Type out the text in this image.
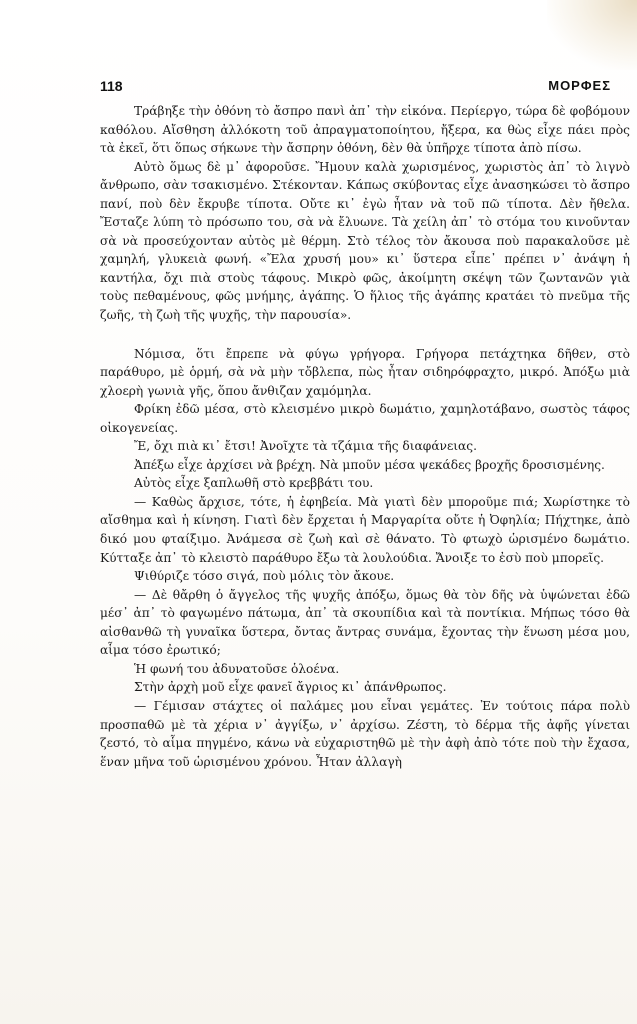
118	ΜΟΡΦΕΣ

Τράβηξε τὴν ὀθόνη τὸ ἄσπρο πανὶ ἀπ᾽ τὴν εἰκόνα. Περίεργο, τώρα δὲ φοβόμουν καθόλου. Αἴσθηση ἀλλόκοτη τοῦ ἀπραγματοποίητου, ἤξερα, κα θὼς εἶχε πάει πρὸς τὰ ἐκεῖ, ὅτι ὅπως σήκωνε τὴν ἄσπρην ὀθόνη, δὲν θὰ ὑπῆρχε τίποτα ἀπὸ πίσω.

Αὐτὸ ὅμως δὲ μ᾽ ἀφοροῦσε. Ἤμουν καλὰ χωρισμένος, χωριστὸς ἀπ᾽ τὸ λιγνὸ ἄνθρωπο, σὰν τσακισμένο. Στέκονταν. Κάπως σκύβοντας εἶχε ἀνασηκώσει τὸ ἄσπρο πανί, ποὺ δὲν ἔκρυβε τίποτα. Οὔτε κι᾽ ἐγὼ ἦταν νὰ τοῦ πῶ τίποτα. Δὲν ἤθελα. Ἔσταζε λύπη τὸ πρόσωπο του, σὰ νὰ ἔλυωνε. Τὰ χείλη ἀπ᾽ τὸ στόμα του κινοῦνταν σὰ νὰ προσεύχονταν αὐτὸς μὲ θέρμη. Στὸ τέλος τὸν ἄκουσα ποὺ παρακαλοῦσε μὲ χαμηλή, γλυκειὰ φωνή. «Ἔλα χρυσή μου» κι᾽ ὕστερα εἶπε᾽ πρέπει ν᾽ ἀνάψη ἡ καντήλα, ὄχι πιὰ στοὺς τάφους. Μικρὸ φῶς, ἀκοίμητη σκέψη τῶν ζωντανῶν γιὰ τοὺς πεθαμένους, φῶς μνήμης, ἀγάπης. Ὁ ἥλιος τῆς ἀγάπης κρατάει τὸ πνεῦμα τῆς ζωῆς, τὴ ζωὴ τῆς ψυχῆς, τὴν παρουσία».

Νόμισα, ὅτι ἔπρεπε νὰ φύγω γρήγορα. Γρήγορα πετάχτηκα δῆθεν, στὸ παράθυρο, μὲ ὁρμή, σὰ νὰ μὴν τὄβλεπα, πὼς ἦταν σιδηρόφραχτο, μικρό. Ἀπόξω μιὰ χλοερὴ γωνιὰ γῆς, ὅπου ἄνθιζαν χαμόμηλα.

Φρίκη ἐδῶ μέσα, στὸ κλεισμένο μικρὸ δωμάτιο, χαμηλοτάβανο, σωστὸς τάφος οἰκογενείας.

Ἔ, ὄχι πιὰ κι᾽ ἔτσι! Ἀνοῖχτε τὰ τζάμια τῆς διαφάνειας.

Ἀπέξω εἶχε ἀρχίσει νὰ βρέχη. Νὰ μποῦν μέσα ψεκάδες βροχῆς δροσισμένης.

Αὐτὸς εἶχε ξαπλωθῆ στὸ κρεββάτι του.

— Καθὼς ἄρχισε, τότε, ἡ ἐφηβεία. Μὰ γιατὶ δὲν μποροῦμε πιά; Χωρίστηκε τὸ αἴσθημα καὶ ἡ κίνηση. Γιατὶ δὲν ἔρχεται ἡ Μαργαρίτα οὔτε ἡ Ὀφηλία; Πήχτηκε, ἀπὸ δικό μου φταίξιμο. Ἀνάμεσα σὲ ζωὴ καὶ σὲ θάνατο. Τὸ φτωχὸ ὡρισμένο δωμάτιο. Κύτταξε ἀπ᾽ τὸ κλειστὸ παράθυρο ἔξω τὰ λουλούδια. Ἄνοιξε το ἐσὺ ποὺ μπορεῖς.

Ψιθύριζε τόσο σιγά, ποὺ μόλις τὸν ἄκουε.

— Δὲ θἄρθη ὁ ἄγγελος τῆς ψυχῆς ἀπόξω, ὅμως θὰ τὸν δῆς νὰ ὑψώνεται ἐδῶ μέσ᾽ ἀπ᾽ τὸ φαγωμένο πάτωμα, ἀπ᾽ τὰ σκουπίδια καὶ τὰ ποντίκια. Μήπως τόσο θὰ αἰσθανθῶ τὴ γυναῖκα ὕστερα, ὄντας ἄντρας συνάμα, ἔχοντας τὴν ἕνωση μέσα μου, αἷμα τόσο ἐρωτικό;

Ἡ φωνή του ἀδυνατοῦσε ὁλοένα.

Στὴν ἀρχὴ μοῦ εἶχε φανεῖ ἄγριος κι᾽ ἀπάνθρωπος.

— Γέμισαν στάχτες οἱ παλάμες μου εἶναι γεμάτες. Ἐν τούτοις πάρα πολὺ προσπαθῶ μὲ τὰ χέρια ν᾽ ἀγγίξω, ν᾽ ἀρχίσω. Ζέστη, τὸ δέρμα τῆς ἀφῆς γίνεται ζεστό, τὸ αἷμα πηγμένο, κάνω νὰ εὐχαριστηθῶ μὲ τὴν ἀφὴ ἀπὸ τότε ποὺ τὴν ἔχασα, ἕναν μῆνα τοῦ ὡρισμένου χρόνου. Ἦταν ἀλλαγὴ
